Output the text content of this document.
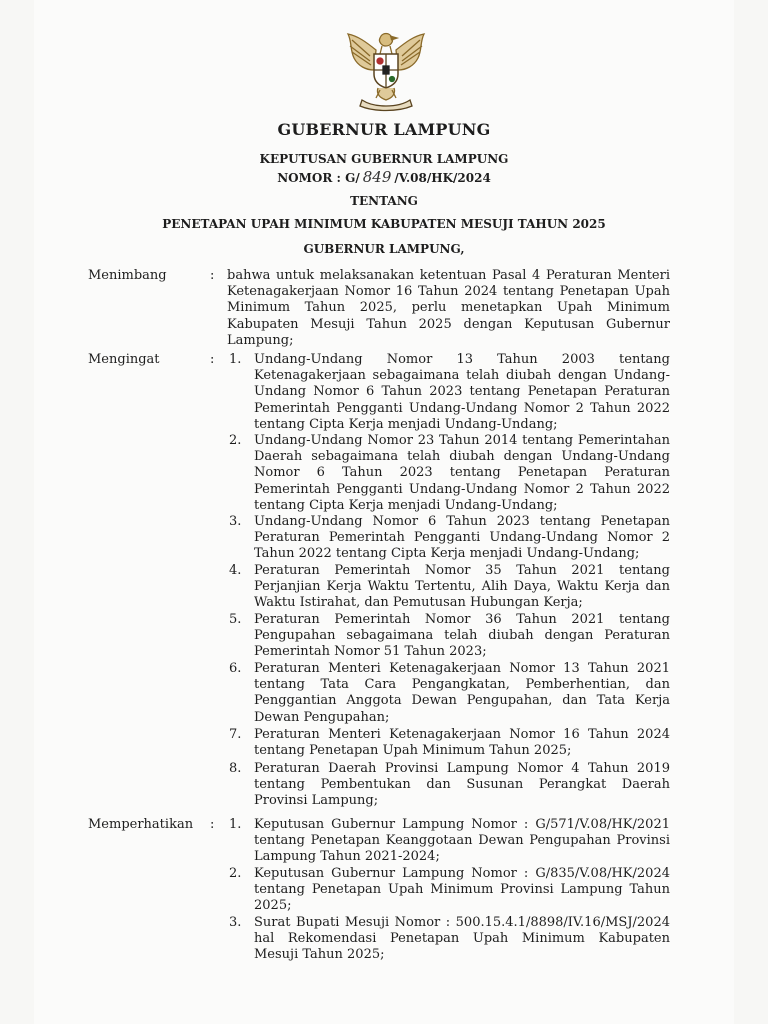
GUBERNUR LAMPUNG
KEPUTUSAN GUBERNUR LAMPUNG
NOMOR : G/ 849 /V.08/HK/2024
TENTANG
PENETAPAN UPAH MINIMUM KABUPATEN MESUJI TAHUN 2025
GUBERNUR LAMPUNG,
Menimbang	: bahwa untuk melaksanakan ketentuan Pasal 4 Peraturan Menteri Ketenagakerjaan Nomor 16 Tahun 2024 tentang Penetapan Upah Minimum Tahun 2025, perlu menetapkan Upah Minimum Kabupaten Mesuji Tahun 2025 dengan Keputusan Gubernur Lampung;
Mengingat	: 1. Undang-Undang Nomor 13 Tahun 2003 tentang Ketenagakerjaan sebagaimana telah diubah dengan Undang-Undang Nomor 6 Tahun 2023 tentang Penetapan Peraturan Pemerintah Pengganti Undang-Undang Nomor 2 Tahun 2022 tentang Cipta Kerja menjadi Undang-Undang;
2. Undang-Undang Nomor 23 Tahun 2014 tentang Pemerintahan Daerah sebagaimana telah diubah dengan Undang-Undang Nomor 6 Tahun 2023 tentang Penetapan Peraturan Pemerintah Pengganti Undang-Undang Nomor 2 Tahun 2022 tentang Cipta Kerja menjadi Undang-Undang;
3. Undang-Undang Nomor 6 Tahun 2023 tentang Penetapan Peraturan Pemerintah Pengganti Undang-Undang Nomor 2 Tahun 2022 tentang Cipta Kerja menjadi Undang-Undang;
4. Peraturan Pemerintah Nomor 35 Tahun 2021 tentang Perjanjian Kerja Waktu Tertentu, Alih Daya, Waktu Kerja dan Waktu Istirahat, dan Pemutusan Hubungan Kerja;
5. Peraturan Pemerintah Nomor 36 Tahun 2021 tentang Pengupahan sebagaimana telah diubah dengan Peraturan Pemerintah Nomor 51 Tahun 2023;
6. Peraturan Menteri Ketenagakerjaan Nomor 13 Tahun 2021 tentang Tata Cara Pengangkatan, Pemberhentian, dan Penggantian Anggota Dewan Pengupahan, dan Tata Kerja Dewan Pengupahan;
7. Peraturan Menteri Ketenagakerjaan Nomor 16 Tahun 2024 tentang Penetapan Upah Minimum Tahun 2025;
8. Peraturan Daerah Provinsi Lampung Nomor 4 Tahun 2019 tentang Pembentukan dan Susunan Perangkat Daerah Provinsi Lampung;
Memperhatikan : 1. Keputusan Gubernur Lampung Nomor : G/571/V.08/HK/2021 tentang Penetapan Keanggotaan Dewan Pengupahan Provinsi Lampung Tahun 2021-2024;
2. Keputusan Gubernur Lampung Nomor : G/835/V.08/HK/2024 tentang Penetapan Upah Minimum Provinsi Lampung Tahun 2025;
3. Surat Bupati Mesuji Nomor : 500.15.4.1/8898/IV.16/MSJ/2024 hal Rekomendasi Penetapan Upah Minimum Kabupaten Mesuji Tahun 2025;
